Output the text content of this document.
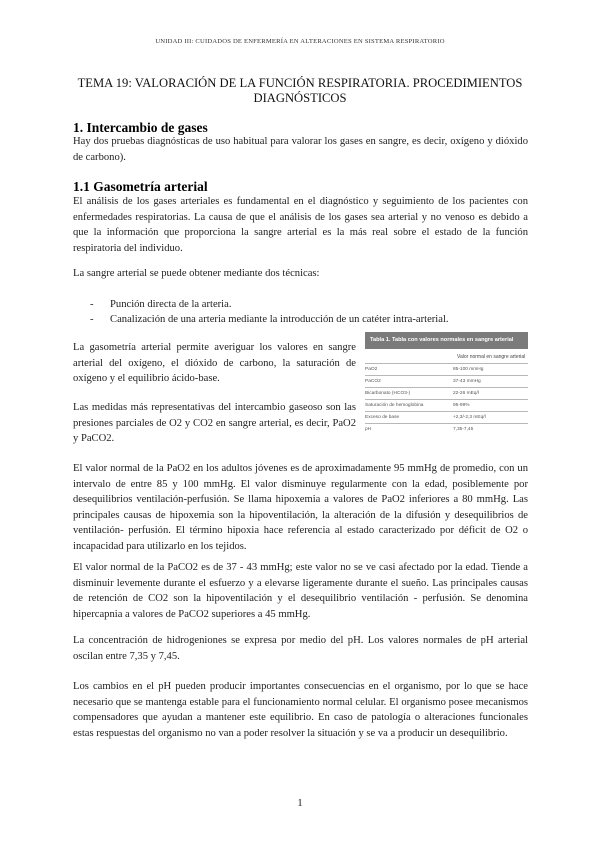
UNIDAD III: CUIDADOS DE ENFERMERÍA EN ALTERACIONES EN SISTEMA RESPIRATORIO
TEMA 19: VALORACIÓN DE LA FUNCIÓN RESPIRATORIA. PROCEDIMIENTOS DIAGNÓSTICOS
1. Intercambio de gases

Hay dos pruebas diagnósticas de uso habitual para valorar los gases en sangre, es decir, oxígeno y dióxido de carbono).

1.1 Gasometría arterial

El análisis de los gases arteriales es fundamental en el diagnóstico y seguimiento de los pacientes con enfermedades respiratorias. La causa de que el análisis de los gases sea arterial y no venoso es debido a que la información que proporciona la sangre arterial es la más real sobre el estado de la función respiratoria del individuo.

La sangre arterial se puede obtener mediante dos técnicas:

- Punción directa de la arteria.
- Canalización de una arteria mediante la introducción de un catéter intra-arterial.

La gasometría arterial permite averiguar los valores en sangre arterial del oxígeno, el dióxido de carbono, la saturación de oxígeno y el equilibrio ácido-base.

Las medidas más representativas del intercambio gaseoso son las presiones parciales de O2 y CO2 en sangre arterial, es decir, PaO2 y PaCO2.

Tabla 1. Tabla con valores normales en sangre arterial
Valor normal en sangre arterial
PaO2	85-100 mmHg
PaCO2	37-43 mmHg
Bicarbonato (HCO3-)	22-26 mEq/l
Saturación de hemoglobina	95-99%
Exceso de base	+2,3/-2,3 mEq/l
pH	7,35-7,45

El valor normal de la PaO2 en los adultos jóvenes es de aproximadamente 95 mmHg de promedio, con un intervalo de entre 85 y 100 mmHg. El valor disminuye regularmente con la edad, posiblemente por desequilibrios ventilación-perfusión. Se llama hipoxemia a valores de PaO2 inferiores a 80 mmHg. Las principales causas de hipoxemia son la hipoventilación, la alteración de la difusión y desequilibrios de ventilación- perfusión. El término hipoxia hace referencia al estado caracterizado por déficit de O2 o incapacidad para utilizarlo en los tejidos.

El valor normal de la PaCO2 es de 37 - 43 mmHg; este valor no se ve casi afectado por la edad. Tiende a disminuir levemente durante el esfuerzo y a elevarse ligeramente durante el sueño. Las principales causas de retención de CO2 son la hipoventilación y el desequilibrio ventilación - perfusión. Se denomina hipercapnia a valores de PaCO2 superiores a 45 mmHg.

La concentración de hidrogeniones se expresa por medio del pH. Los valores normales de pH arterial oscilan entre 7,35 y 7,45.

Los cambios en el pH pueden producir importantes consecuencias en el organismo, por lo que se hace necesario que se mantenga estable para el funcionamiento normal celular. El organismo posee mecanismos compensadores que ayudan a mantener este equilibrio. En caso de patología o alteraciones funcionales estas respuestas del organismo no van a poder resolver la situación y se va a producir un desequilibrio.

1
